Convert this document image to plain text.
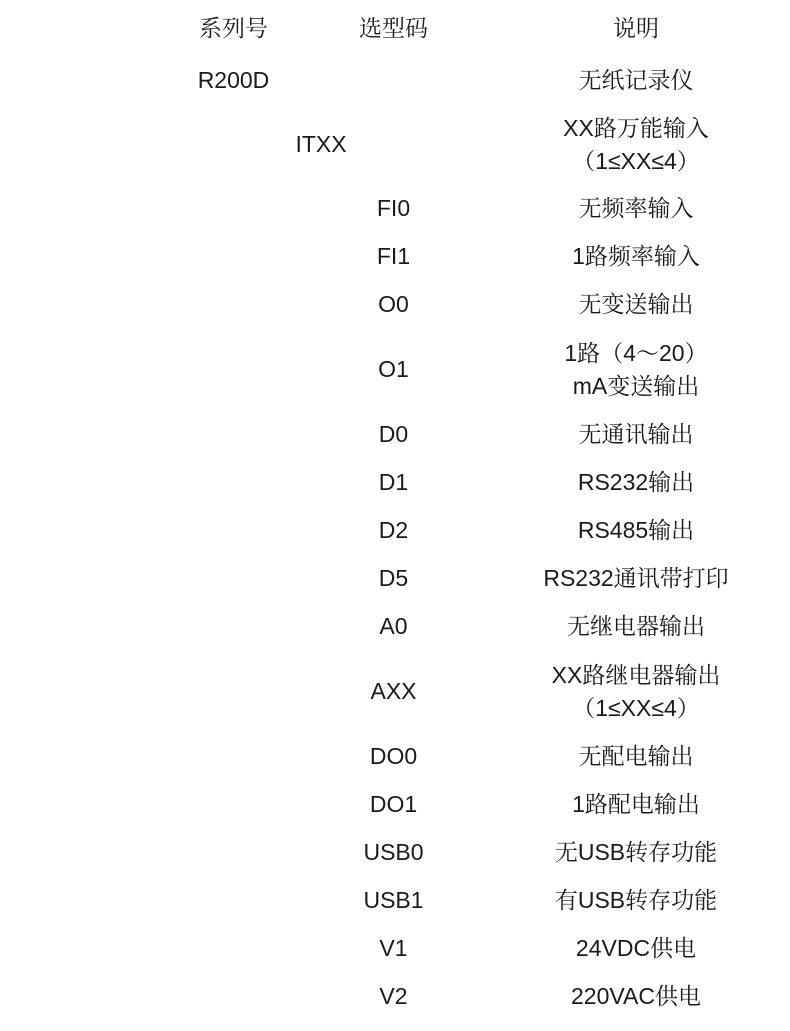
参数名称		系列号	选型码	说明
系列号		R200D		无纸记录仪
输入通道		ITXX		XX路万能输入
（1≤XX≤4）

频率输入			FI0	无频率输入
			FI1	1路频率输入
变送输出			O0	无变送输出
			O1	1路（4～20）
mA变送输出

通讯输出			D0	无通讯输出
			D1	RS232输出
			D2	RS485输出
			D5	RS232通讯带打印
继电器输出			A0	无继电器输出
			AXX	XX路继电器输出
（1≤XX≤4）

配电输出			DO0	无配电输出
			DO1	1路配电输出
USB转存			USB0	无USB转存功能
			USB1	有USB转存功能
供电电源			V1	24VDC供电
			V2	220VAC供电
